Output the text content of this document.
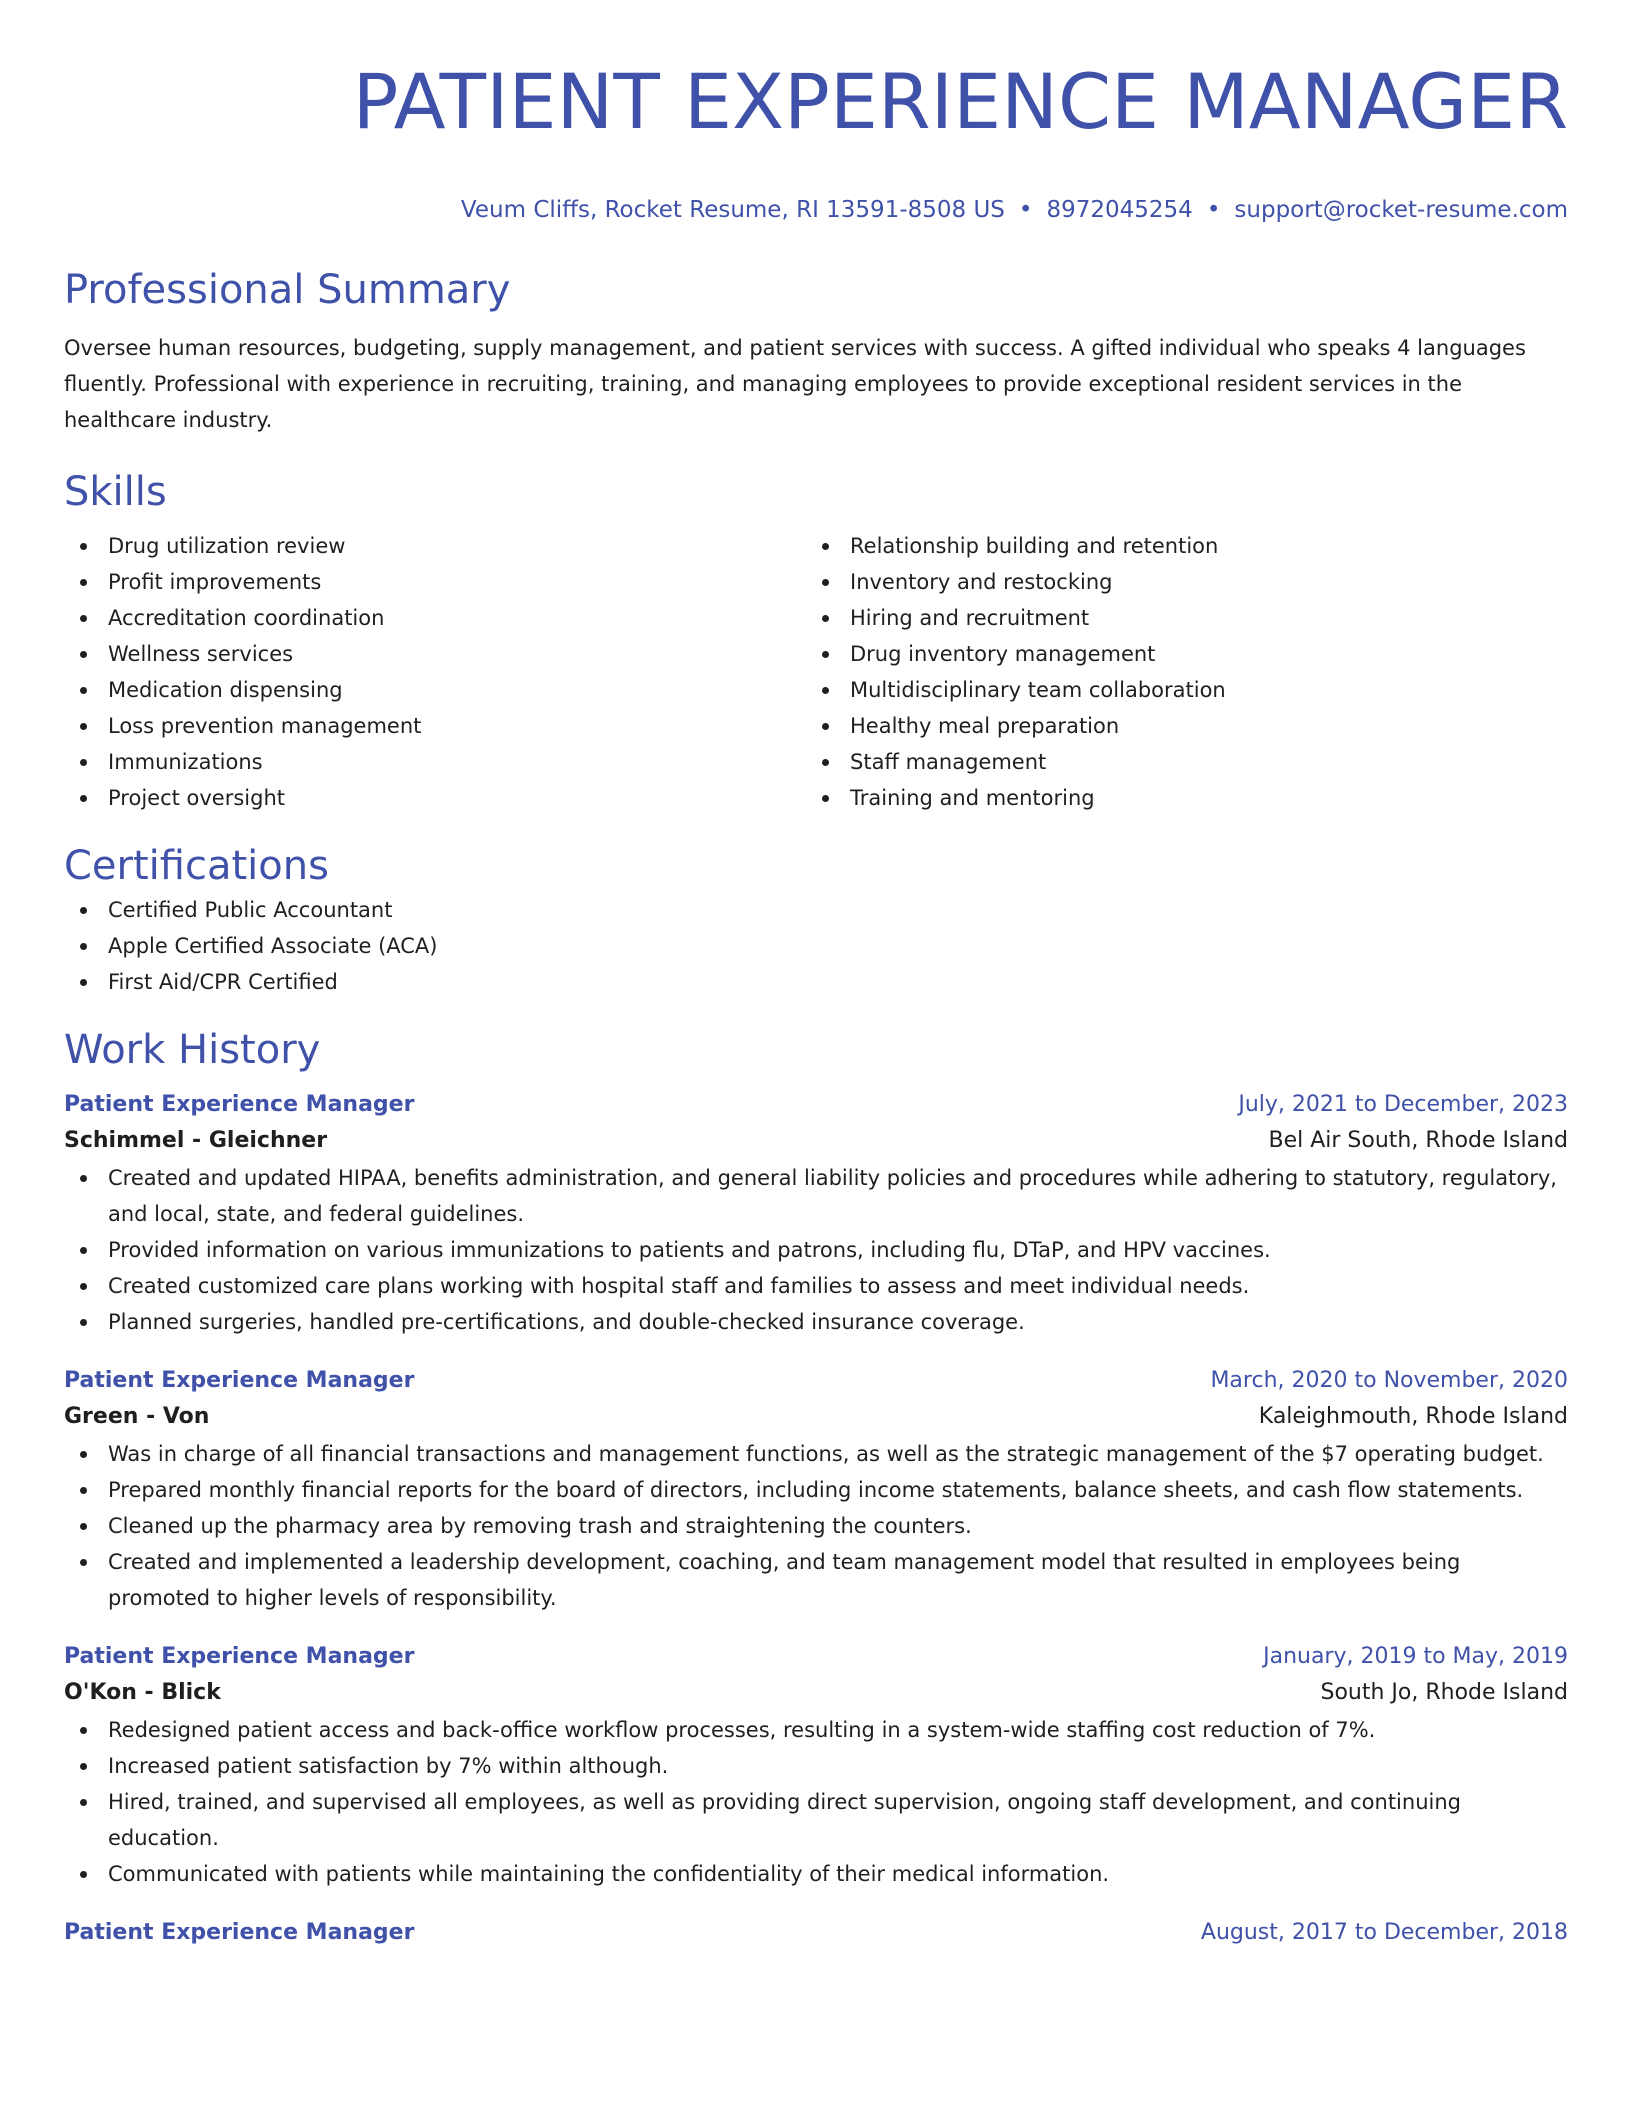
PATIENT EXPERIENCE MANAGER
Veum Cliffs, Rocket Resume, RI 13591-8508 US • 8972045254 • support@rocket-resume.com
Professional Summary

Oversee human resources, budgeting, supply management, and patient services with success. A gifted individual who speaks 4 languages fluently. Professional with experience in recruiting, training, and managing employees to provide exceptional resident services in the healthcare industry.

Skills
Drug utilization review
Profit improvements
Accreditation coordination
Wellness services
Medication dispensing
Loss prevention management
Immunizations
Project oversight
Relationship building and retention
Inventory and restocking
Hiring and recruitment
Drug inventory management
Multidisciplinary team collaboration
Healthy meal preparation
Staff management
Training and mentoring
Certifications
Certified Public Accountant
Apple Certified Associate (ACA)
First Aid/CPR Certified
Work History
Patient Experience Manager	July, 2021 to December, 2023
Schimmel - Gleichner	Bel Air South, Rhode Island
Created and updated HIPAA, benefits administration, and general liability policies and procedures while adhering to statutory, regulatory, and local, state, and federal guidelines.
Provided information on various immunizations to patients and patrons, including flu, DTaP, and HPV vaccines.
Created customized care plans working with hospital staff and families to assess and meet individual needs.
Planned surgeries, handled pre-certifications, and double-checked insurance coverage.
Patient Experience Manager	March, 2020 to November, 2020
Green - Von	Kaleighmouth, Rhode Island
Was in charge of all financial transactions and management functions, as well as the strategic management of the $7 operating budget.
Prepared monthly financial reports for the board of directors, including income statements, balance sheets, and cash flow statements.
Cleaned up the pharmacy area by removing trash and straightening the counters.
Created and implemented a leadership development, coaching, and team management model that resulted in employees being promoted to higher levels of responsibility.
Patient Experience Manager	January, 2019 to May, 2019
O'Kon - Blick	South Jo, Rhode Island
Redesigned patient access and back-office workflow processes, resulting in a system-wide staffing cost reduction of 7%.
Increased patient satisfaction by 7% within although.
Hired, trained, and supervised all employees, as well as providing direct supervision, ongoing staff development, and continuing education.
Communicated with patients while maintaining the confidentiality of their medical information.
Patient Experience Manager	August, 2017 to December, 2018
